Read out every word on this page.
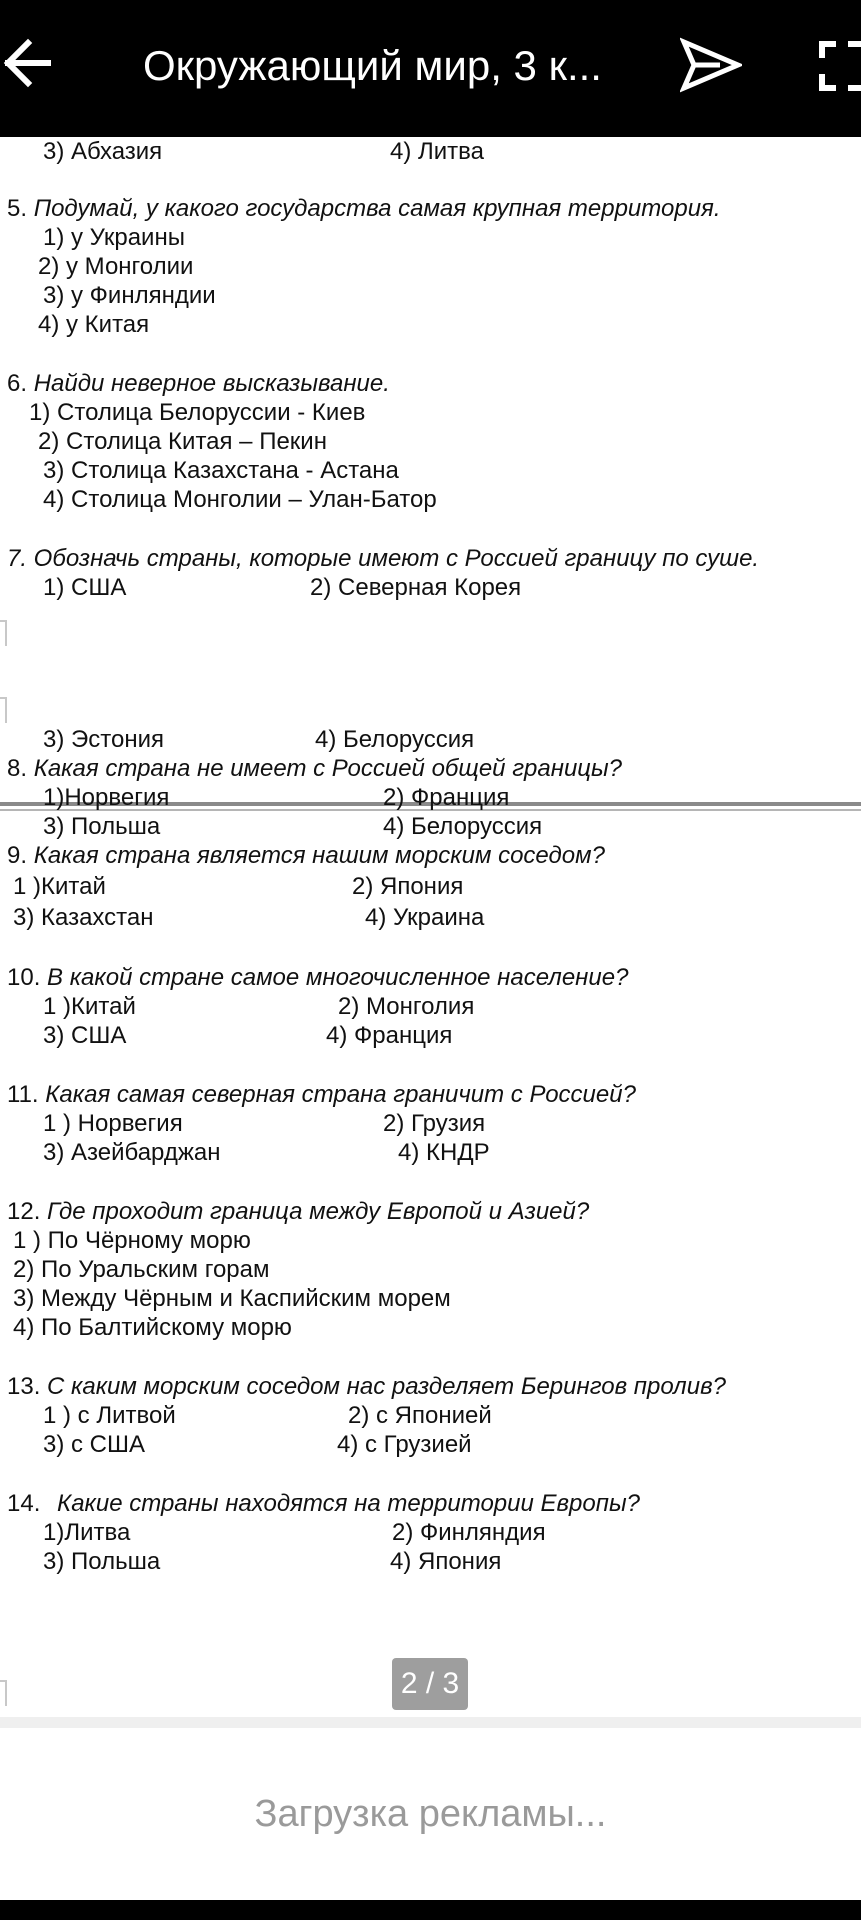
Окружающий мир, 3 к...
3) Абхазия	4) Литва
5. Подумай, у какого государства самая крупная территория.
1) у Украины
2) у Монголии
3) у Финляндии
4) у Китая
6. Найди неверное высказывание.
1) Столица Белоруссии - Киев
2) Столица Китая – Пекин
3) Столица Казахстана - Астана
4) Столица Монголии – Улан-Батор
7. Обозначь страны, которые имеют с Россией границу по суше.
1) США	2) Северная Корея
3) Эстония	4) Белоруссия
8. Какая страна не имеет с Россией общей границы?
1)Норвегия	2) Франция
3) Польша	4) Белоруссия
9. Какая страна является нашим морским соседом?
1 )Китай	2) Япония
3) Казахстан	4) Украина
10. В какой стране самое многочисленное население?
1 )Китай	2) Монголия
3) США	4) Франция
11. Какая самая северная страна граничит с Россией?
1 ) Норвегия	2) Грузия
3) Азейбарджан	4) КНДР
12. Где проходит граница между Европой и Азией?
1 ) По Чёрному морю
2) По Уральским горам
3) Между Чёрным и Каспийским морем
4) По Балтийскому морю
13. С каким морским соседом нас разделяет Берингов пролив?
1 ) с Литвой	2) с Японией
3) с США	4) с Грузией
14. Какие страны находятся на территории Европы?
1)Литва	2) Финляндия
3) Польша	4) Япония
2 / 3
Загрузка рекламы...
